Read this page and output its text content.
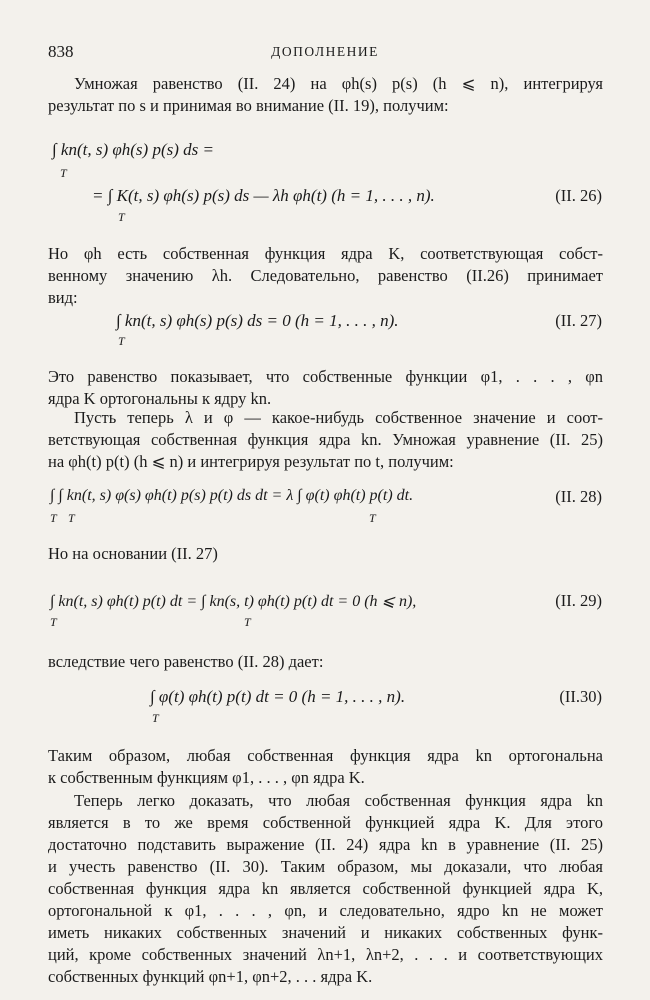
838	ДОПОЛНЕНИЕ
Умножая равенство (II. 24) на φh(s) p(s) (h ⩽ n), интегрируя
результат по s и принимая во внимание (II. 19), получим:
∫ kn(t, s) φh(s) p(s) ds =
T
= ∫ K(t, s) φh(s) p(s) ds — λh φh(t) (h = 1, . . . , n).
T
(II. 26)
Но φh есть собственная функция ядра K, соответствующая собст-
венному значению λh. Следовательно, равенство (II.26) принимает
вид:
∫ kn(t, s) φh(s) p(s) ds = 0 (h = 1, . . . , n).
T
(II. 27)
Это равенство показывает, что собственные функции φ1, . . . , φn
ядра K ортогональны к ядру kn.
Пусть теперь λ и φ — какое-нибудь собственное значение и соот-
ветствующая собственная функция ядра kn. Умножая уравнение (II. 25)
на φh(t) p(t) (h ⩽ n) и интегрируя результат по t, получим:
∫ ∫ kn(t, s) φ(s) φh(t) p(s) p(t) ds dt = λ ∫ φ(t) φh(t) p(t) dt.
T T	T
(II. 28)
Но на основании (II. 27)
∫ kn(t, s) φh(t) p(t) dt = ∫ kn(s, t) φh(t) p(t) dt = 0 (h ⩽ n),
T	T
(II. 29)
вследствие чего равенство (II. 28) дает:
∫ φ(t) φh(t) p(t) dt = 0 (h = 1, . . . , n).
T
(II.30)
Таким образом, любая собственная функция ядра kn ортогональна
к собственным функциям φ1, . . . , φn ядра K.
Теперь легко доказать, что любая собственная функция ядра kn
является в то же время собственной функцией ядра K. Для этого
достаточно подставить выражение (II. 24) ядра kn в уравнение (II. 25)
и учесть равенство (II. 30). Таким образом, мы доказали, что любая
собственная функция ядра kn является собственной функцией ядра K,
ортогональной к φ1, . . . , φn, и следовательно, ядро kn не может
иметь никаких собственных значений и никаких собственных функ-
ций, кроме собственных значений λn+1, λn+2, . . . и соответствующих
собственных функций φn+1, φn+2, . . . ядра K.
